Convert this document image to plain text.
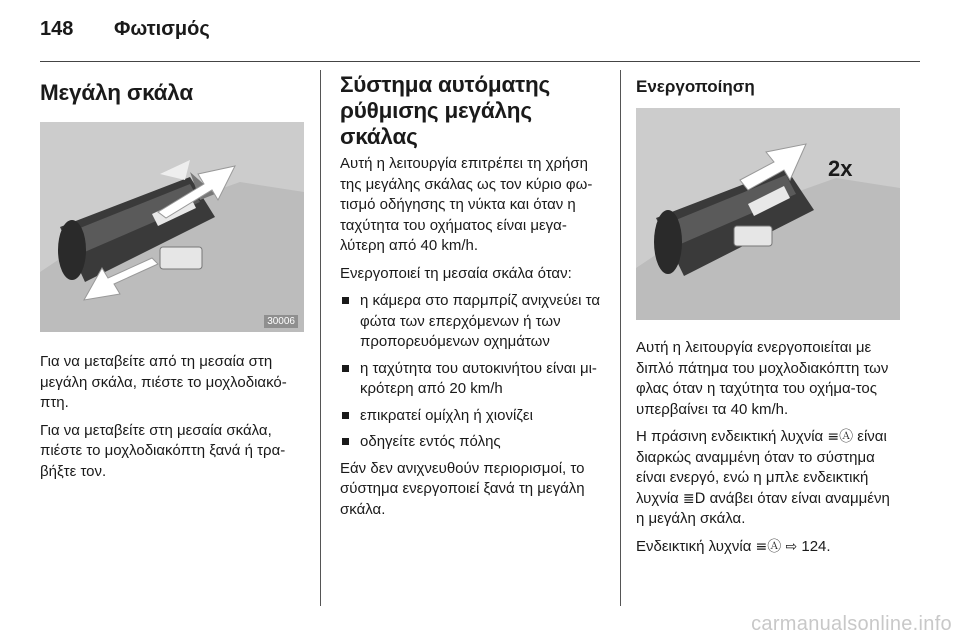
148 Φωτισμός
Μεγάλη σκάλα
30006

Για να μεταβείτε από τη μεσαία στη μεγάλη σκάλα, πιέστε το μοχλοδιακό-πτη.

Για να μεταβείτε στη μεσαία σκάλα, πιέστε το μοχλοδιακόπτη ξανά ή τρα-βήξτε τον.

Σύστημα αυτόματης ρύθμισης μεγάλης σκάλας

Αυτή η λειτουργία επιτρέπει τη χρήση της μεγάλης σκάλας ως τον κύριο φω-τισμό οδήγησης τη νύκτα και όταν η ταχύτητα του οχήματος είναι μεγα-λύτερη από 40 km/h.

Ενεργοποιεί τη μεσαία σκάλα όταν:

η κάμερα στο παρμπρίζ ανιχνεύει τα φώτα των επερχόμενων ή των προπορευόμενων οχημάτων
η ταχύτητα του αυτοκινήτου είναι μι-κρότερη από 20 km/h
επικρατεί ομίχλη ή χιονίζει
οδηγείτε εντός πόλης

Εάν δεν ανιχνευθούν περιορισμοί, το σύστημα ενεργοποιεί ξανά τη μεγάλη σκάλα.

Ενεργοποίηση
2x

Αυτή η λειτουργία ενεργοποιείται με διπλό πάτημα του μοχλοδιακόπτη των φλας όταν η ταχύτητα του οχήμα-τος υπερβαίνει τα 40 km/h.

Η πράσινη ενδεικτική λυχνία ≡Ⓐ είναι διαρκώς αναμμένη όταν το σύστημα είναι ενεργό, ενώ η μπλε ενδεικτική λυχνία ≣D ανάβει όταν είναι αναμμένη η μεγάλη σκάλα.

Ενδεικτική λυχνία ≡Ⓐ ⇨ 124.

carmanualsonline.info
